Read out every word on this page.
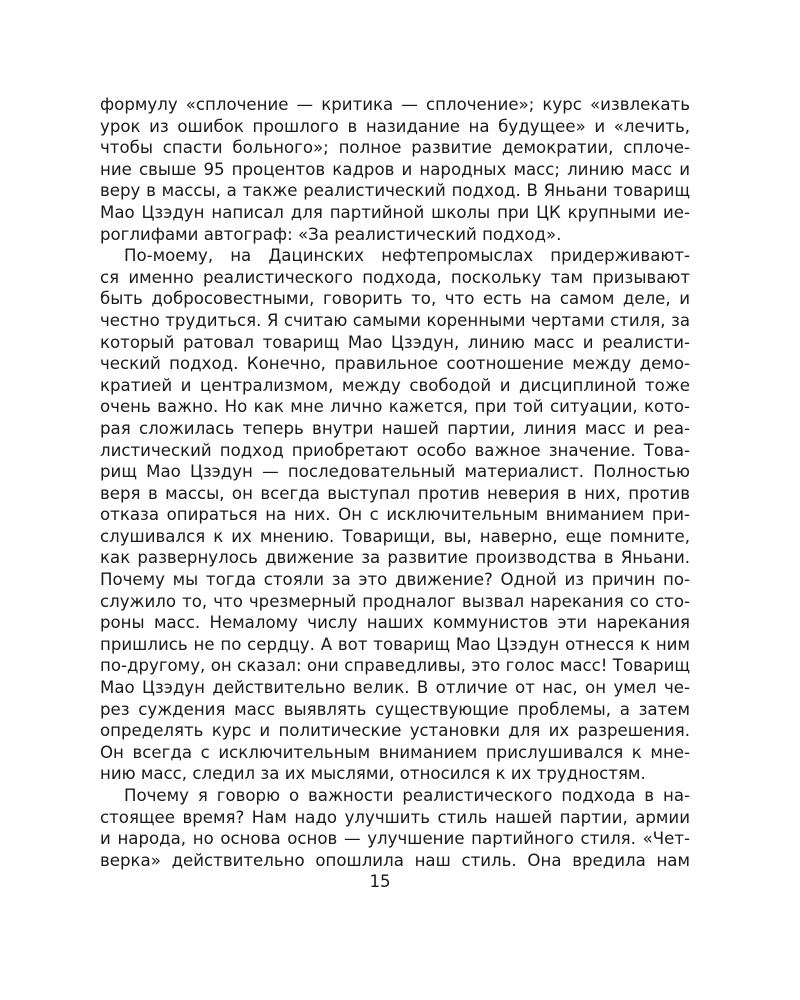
формулу «сплочение — критика — сплочение»; курс «извлекать
урок из ошибок прошлого в назидание на будущее» и «лечить,
чтобы спасти больного»; полное развитие демократии, сплоче-
ние свыше 95 процентов кадров и народных масс; линию масс и
веру в массы, а также реалистический подход. В Яньани товарищ
Мао Цзэдун написал для партийной школы при ЦК крупными ие-
роглифами автограф: «За реалистический подход».
По-моему, на Дацинских нефтепромыслах придерживают-
ся именно реалистического подхода, поскольку там призывают
быть добросовестными, говорить то, что есть на самом деле, и
честно трудиться. Я считаю самыми коренными чертами стиля, за
который ратовал товарищ Мао Цзэдун, линию масс и реалисти-
ческий подход. Конечно, правильное соотношение между демо-
кратией и централизмом, между свободой и дисциплиной тоже
очень важно. Но как мне лично кажется, при той ситуации, кото-
рая сложилась теперь внутри нашей партии, линия масс и реа-
листический подход приобретают особо важное значение. Това-
рищ Мао Цзэдун — последовательный материалист. Полностью
веря в массы, он всегда выступал против неверия в них, против
отказа опираться на них. Он с исключительным вниманием при-
слушивался к их мнению. Товарищи, вы, наверно, еще помните,
как развернулось движение за развитие производства в Яньани.
Почему мы тогда стояли за это движение? Одной из причин по-
служило то, что чрезмерный продналог вызвал нарекания со сто-
роны масс. Немалому числу наших коммунистов эти нарекания
пришлись не по сердцу. А вот товарищ Мао Цзэдун отнесся к ним
по-другому, он сказал: они справедливы, это голос масс! Товарищ
Мао Цзэдун действительно велик. В отличие от нас, он умел че-
рез суждения масс выявлять существующие проблемы, а затем
определять курс и политические установки для их разрешения.
Он всегда с исключительным вниманием прислушивался к мне-
нию масс, следил за их мыслями, относился к их трудностям.
Почему я говорю о важности реалистического подхода в на-
стоящее время? Нам надо улучшить стиль нашей партии, армии
и народа, но основа основ — улучшение партийного стиля. «Чет-
верка» действительно опошлила наш стиль. Она вредила нам
15
